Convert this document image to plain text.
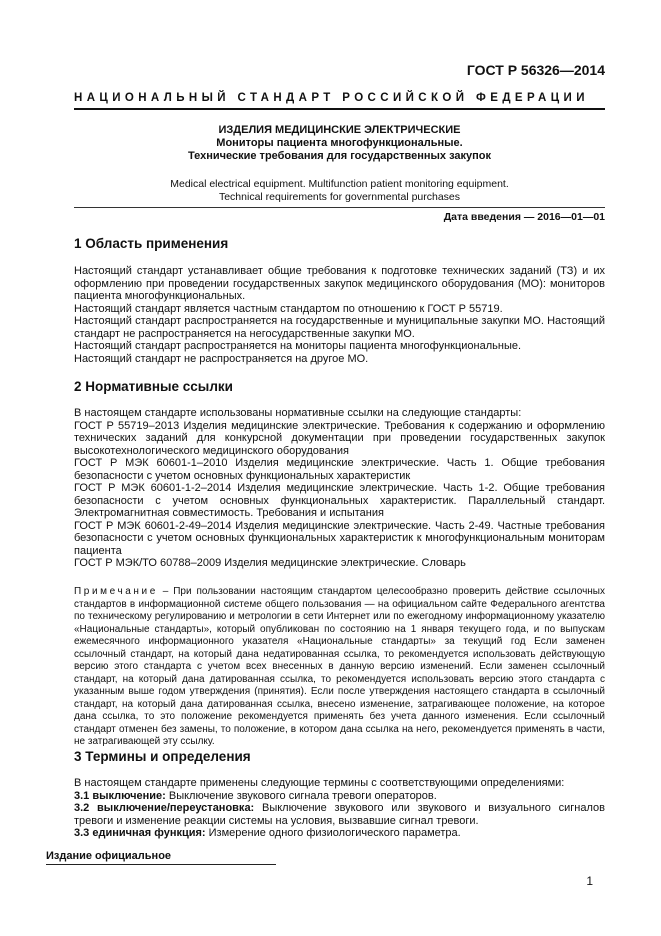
ГОСТ Р 56326—2014
НАЦИОНАЛЬНЫЙ СТАНДАРТ РОССИЙСКОЙ ФЕДЕРАЦИИ
ИЗДЕЛИЯ МЕДИЦИНСКИЕ ЭЛЕКТРИЧЕСКИЕ
Мониторы пациента многофункциональные.
Технические требования для государственных закупок
Medical electrical equipment. Multifunction patient monitoring equipment.
Technical requirements for governmental purchases
Дата введения — 2016—01—01
1 Область применения

Настоящий стандарт устанавливает общие требования к подготовке технических заданий (ТЗ) и их оформлению при проведении государственных закупок медицинского оборудования (МО): мониторов пациента многофункциональных.

Настоящий стандарт является частным стандартом по отношению к ГОСТ Р 55719.

Настоящий стандарт распространяется на государственные и муниципальные закупки МО. Настоящий стандарт не распространяется на негосударственные закупки МО.

Настоящий стандарт распространяется на мониторы пациента многофункциональные.

Настоящий стандарт не распространяется на другое МО.

2 Нормативные ссылки

В настоящем стандарте использованы нормативные ссылки на следующие стандарты:

ГОСТ Р 55719–2013 Изделия медицинские электрические. Требования к содержанию и оформлению технических заданий для конкурсной документации при проведении государственных закупок высокотехнологического медицинского оборудования

ГОСТ Р МЭК 60601-1–2010 Изделия медицинские электрические. Часть 1. Общие требования безопасности с учетом основных функциональных характеристик

ГОСТ Р МЭК 60601-1-2–2014 Изделия медицинские электрические. Часть 1-2. Общие требования безопасности с учетом основных функциональных характеристик. Параллельный стандарт. Электромагнитная совместимость. Требования и испытания

ГОСТ Р МЭК 60601-2-49–2014 Изделия медицинские электрические. Часть 2-49. Частные требования безопасности с учетом основных функциональных характеристик к многофункциональным мониторам пациента

ГОСТ Р МЭК/ТО 60788–2009 Изделия медицинские электрические. Словарь

Примечание – При пользовании настоящим стандартом целесообразно проверить действие ссылочных стандартов в информационной системе общего пользования — на официальном сайте Федерального агентства по техническому регулированию и метрологии в сети Интернет или по ежегодному информационному указателю «Национальные стандарты», который опубликован по состоянию на 1 января текущего года, и по выпускам ежемесячного информационного указателя «Национальные стандарты» за текущий год Если заменен ссылочный стандарт, на который дана недатированная ссылка, то рекомендуется использовать действующую версию этого стандарта с учетом всех внесенных в данную версию изменений. Если заменен ссылочный стандарт, на который дана датированная ссылка, то рекомендуется использовать версию этого стандарта с указанным выше годом утверждения (принятия). Если после утверждения настоящего стандарта в ссылочный стандарт, на который дана датированная ссылка, внесено изменение, затрагивающее положение, на которое дана ссылка, то это положение рекомендуется применять без учета данного изменения. Если ссылочный стандарт отменен без замены, то положение, в котором дана ссылка на него, рекомендуется применять в части, не затрагивающей эту ссылку.
3 Термины и определения

В настоящем стандарте применены следующие термины с соответствующими определениями:

3.1 выключение: Выключение звукового сигнала тревоги операторов.

3.2 выключение/переустановка: Выключение звукового или звукового и визуального сигналов тревоги и изменение реакции системы на условия, вызвавшие сигнал тревоги.

3.3 единичная функция: Измерение одного физиологического параметра.

Издание официальное
1
